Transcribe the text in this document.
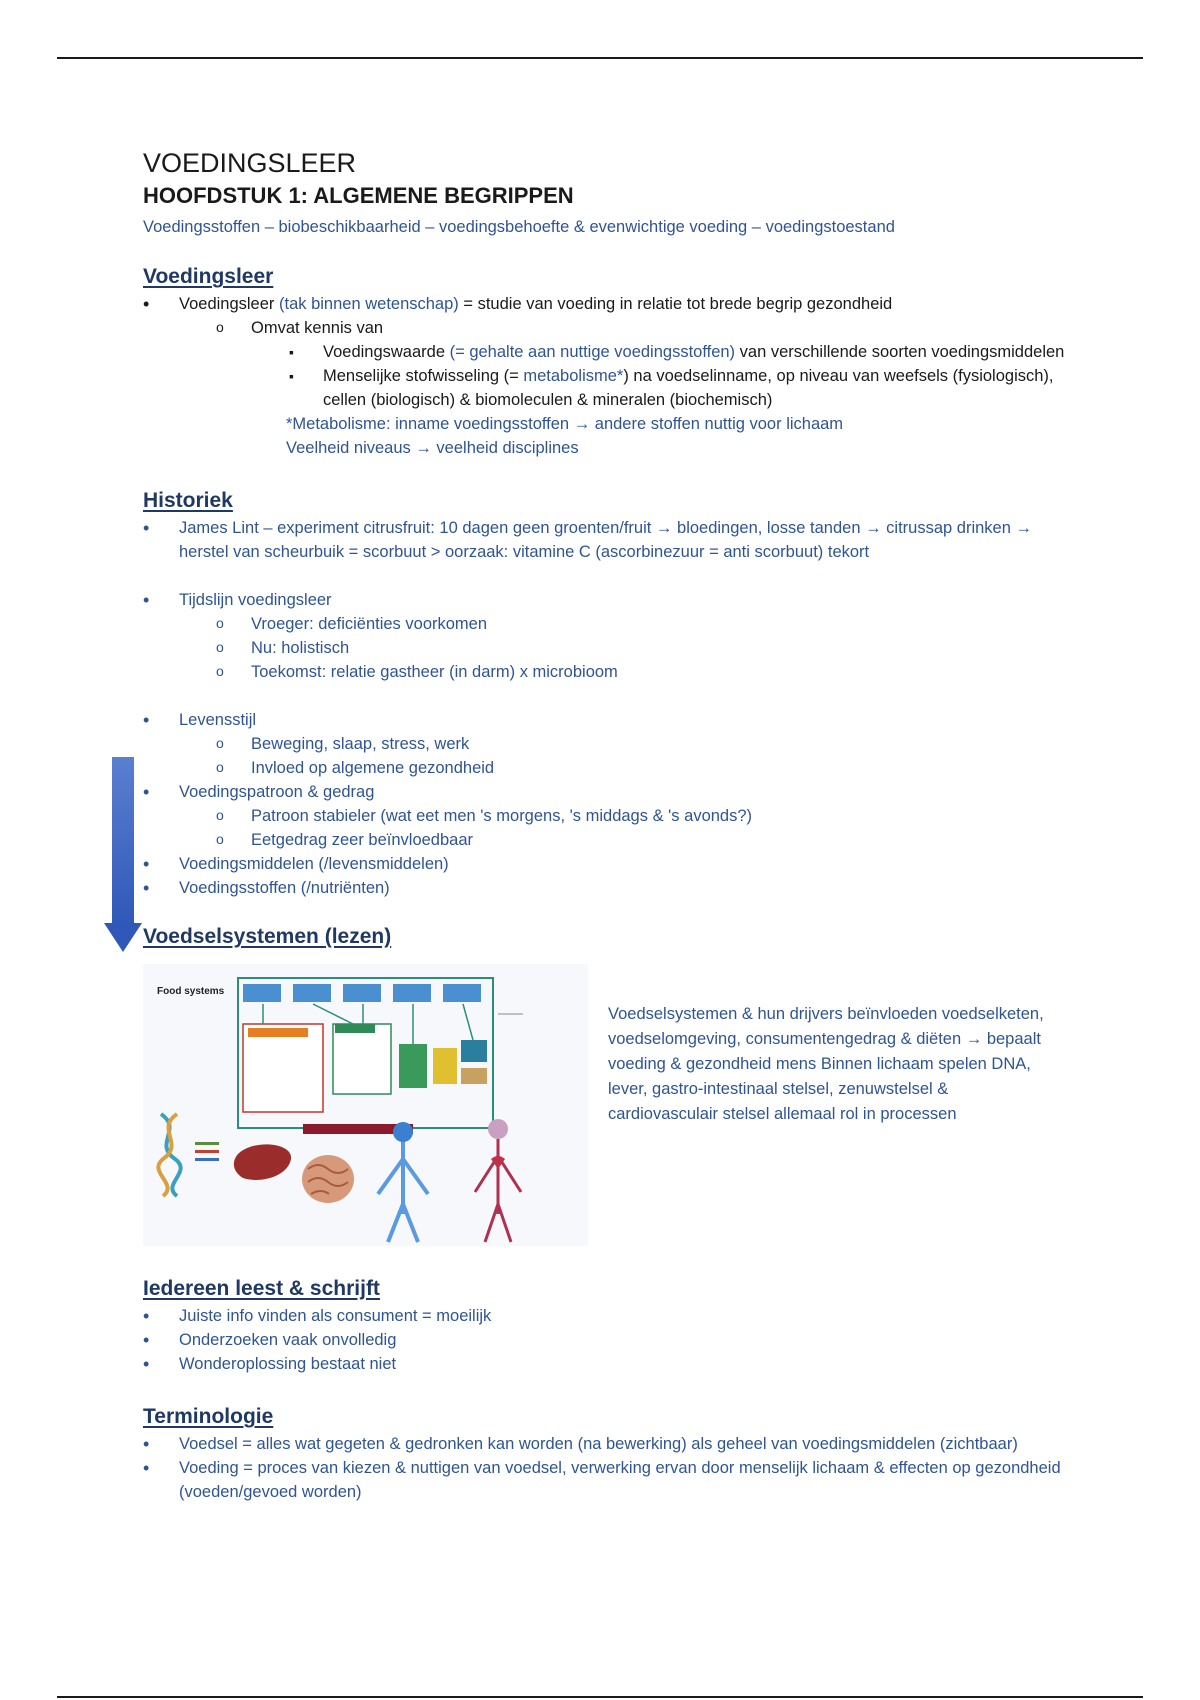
VOEDINGSLEER
HOOFDSTUK 1: ALGEMENE BEGRIPPEN

Voedingsstoffen – biobeschikbaarheid – voedingsbehoefte & evenwichtige voeding – voedingstoestand

Voedingsleer
• Voedingsleer (tak binnen wetenschap) = studie van voeding in relatie tot brede begrip gezondheid
o Omvat kennis van
▪ Voedingswaarde (= gehalte aan nuttige voedingsstoffen) van verschillende soorten voedingsmiddelen
▪ Menselijke stofwisseling (= metabolisme*) na voedselinname, op niveau van weefsels (fysiologisch), cellen (biologisch) & biomoleculen & mineralen (biochemisch)
*Metabolisme: inname voedingsstoffen → andere stoffen nuttig voor lichaam
Veelheid niveaus → veelheid disciplines
Historiek
• James Lint – experiment citrusfruit: 10 dagen geen groenten/fruit → bloedingen, losse tanden → citrussap drinken → herstel van scheurbuik = scorbuut > oorzaak: vitamine C (ascorbinezuur = anti scorbuut) tekort
• Tijdslijn voedingsleer
o Vroeger: deficiënties voorkomen
o Nu: holistisch
o Toekomst: relatie gastheer (in darm) x microbioom
• Levensstijl
o Beweging, slaap, stress, werk
o Invloed op algemene gezondheid
• Voedingspatroon & gedrag
o Patroon stabieler (wat eet men 's morgens, 's middags & 's avonds?)
o Eetgedrag zeer beïnvloedbaar
• Voedingsmiddelen (/levensmiddelen)
• Voedingsstoffen (/nutriënten)
Voedselsystemen (lezen)
Food systems
Voedselsystemen & hun drijvers beïnvloeden voedselketen, voedselomgeving, consumentengedrag & diëten → bepaalt voeding & gezondheid mens Binnen lichaam spelen DNA, lever, gastro-intestinaal stelsel, zenuwstelsel & cardiovasculair stelsel allemaal rol in processen
Iedereen leest & schrijft
• Juiste info vinden als consument = moeilijk
• Onderzoeken vaak onvolledig
• Wonderoplossing bestaat niet
Terminologie
• Voedsel = alles wat gegeten & gedronken kan worden (na bewerking) als geheel van voedingsmiddelen (zichtbaar)
• Voeding = proces van kiezen & nuttigen van voedsel, verwerking ervan door menselijk lichaam & effecten op gezondheid (voeden/gevoed worden)
